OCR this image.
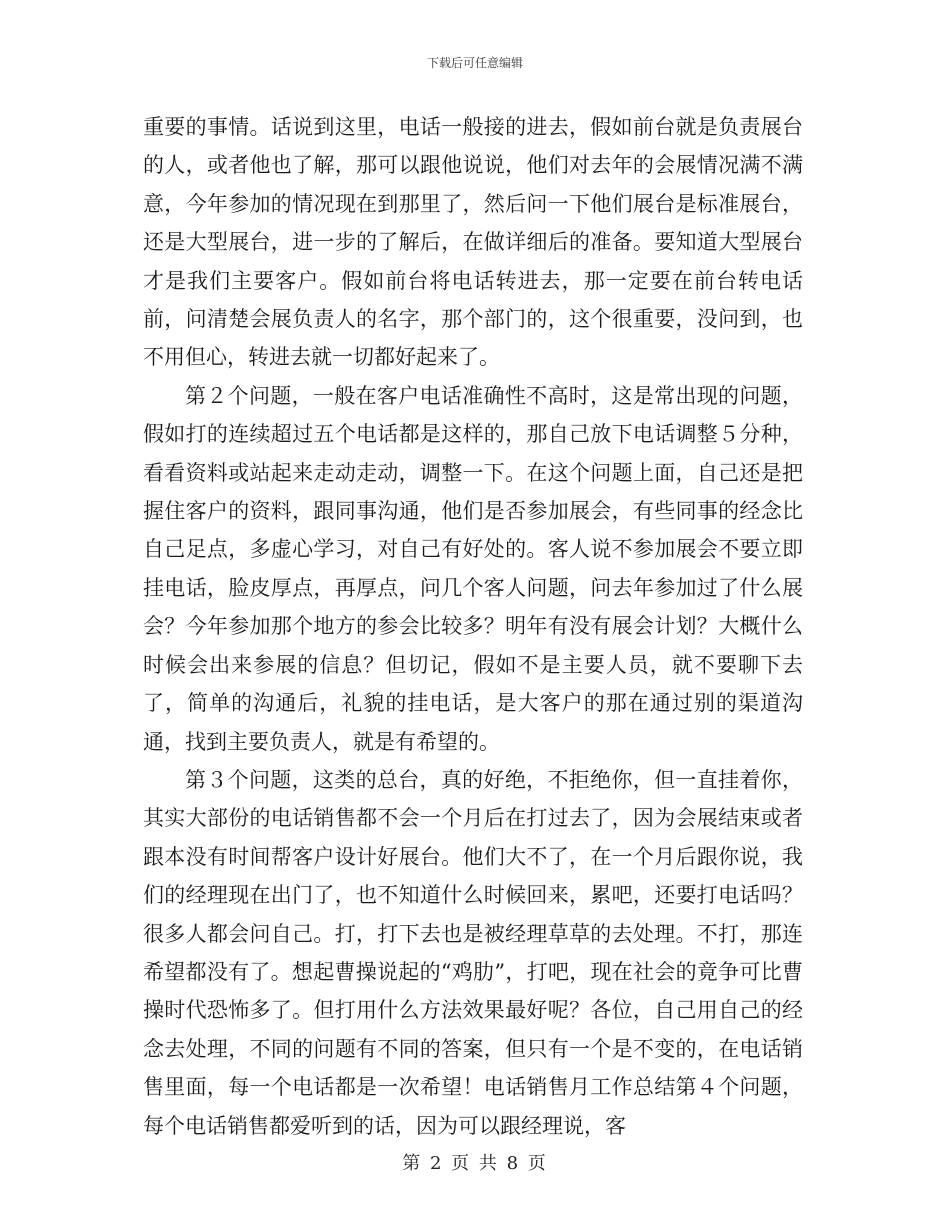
下载后可任意编辑

重要的事情。话说到这里，电话一般接的进去，假如前台就是负责展台的人，或者他也了解，那可以跟他说说，他们对去年的会展情况满不满意，今年参加的情况现在到那里了，然后问一下他们展台是标准展台，还是大型展台，进一步的了解后，在做详细后的准备。要知道大型展台才是我们主要客户。假如前台将电话转进去，那一定要在前台转电话前，问清楚会展负责人的名字，那个部门的，这个很重要，没问到，也不用但心，转进去就一切都好起来了。

第２个问题，一般在客户电话准确性不高时，这是常出现的问题，假如打的连续超过五个电话都是这样的，那自己放下电话调整５分种，看看资料或站起来走动走动，调整一下。在这个问题上面，自己还是把握住客户的资料，跟同事沟通，他们是否参加展会，有些同事的经念比自己足点，多虚心学习，对自己有好处的。客人说不参加展会不要立即挂电话，脸皮厚点，再厚点，问几个客人问题，问去年参加过了什么展会？今年参加那个地方的参会比较多？明年有没有展会计划？大概什么时候会出来参展的信息？但切记，假如不是主要人员，就不要聊下去了，简单的沟通后，礼貌的挂电话，是大客户的那在通过别的渠道沟通，找到主要负责人，就是有希望的。

第３个问题，这类的总台，真的好绝，不拒绝你，但一直挂着你，其实大部份的电话销售都不会一个月后在打过去了，因为会展结束或者跟本没有时间帮客户设计好展台。他们大不了，在一个月后跟你说，我们的经理现在出门了，也不知道什么时候回来，累吧，还要打电话吗？很多人都会问自己。打，打下去也是被经理草草的去处理。不打，那连希望都没有了。想起曹操说起的“鸡肋”，打吧，现在社会的竟争可比曹操时代恐怖多了。但打用什么方法效果最好呢？各位，自己用自己的经念去处理，不同的问题有不同的答案，但只有一个是不变的，在电话销售里面，每一个电话都是一次希望！电话销售月工作总结第４个问题，每个电话销售都爱听到的话，因为可以跟经理说，客

第 2 页 共 8 页
